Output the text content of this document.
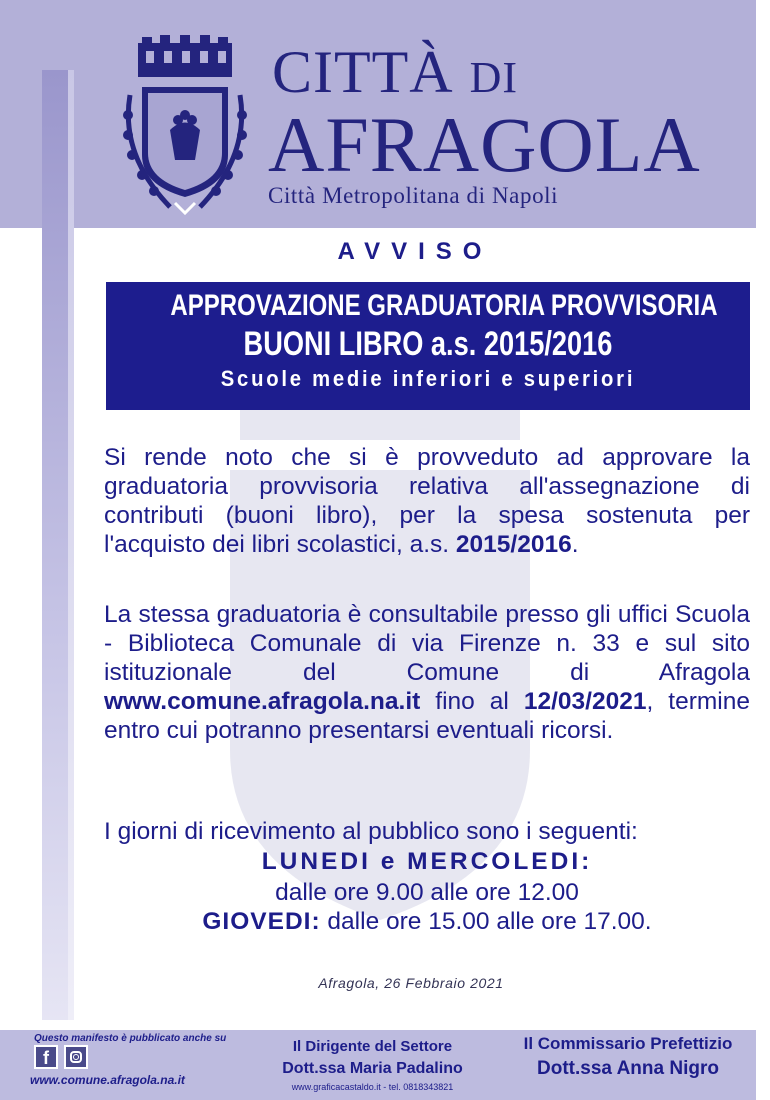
CITTÀ DI
AFRAGOLA
Città Metropolitana di Napoli
AVVISO
APPROVAZIONE GRADUATORIA PROVVISORIA
BUONI LIBRO a.s. 2015/2016
Scuole medie inferiori e superiori
Si rende noto che si è provveduto ad approvare la graduatoria provvisoria relativa all'assegnazione di contributi (buoni libro), per la spesa sostenuta per l'acquisto dei libri scolastici, a.s. 2015/2016.
La stessa graduatoria è consultabile presso gli uffici Scuola - Biblioteca Comunale di via Firenze n. 33 e sul sito istituzionale del Comune di Afragola www.comune.afragola.na.it fino al 12/03/2021, termine entro cui potranno presentarsi eventuali ricorsi.
I giorni di ricevimento al pubblico sono i seguenti:
LUNEDI e MERCOLEDI:
dalle ore 9.00 alle ore 12.00
GIOVEDI: dalle ore 15.00 alle ore 17.00.
Afragola, 26 Febbraio 2021
Questo manifesto è pubblicato anche su
f
www.comune.afragola.na.it
Il Dirigente del Settore
Dott.ssa Maria Padalino
www.graficacastaldo.it - tel. 0818343821
Il Commissario Prefettizio
Dott.ssa Anna Nigro
